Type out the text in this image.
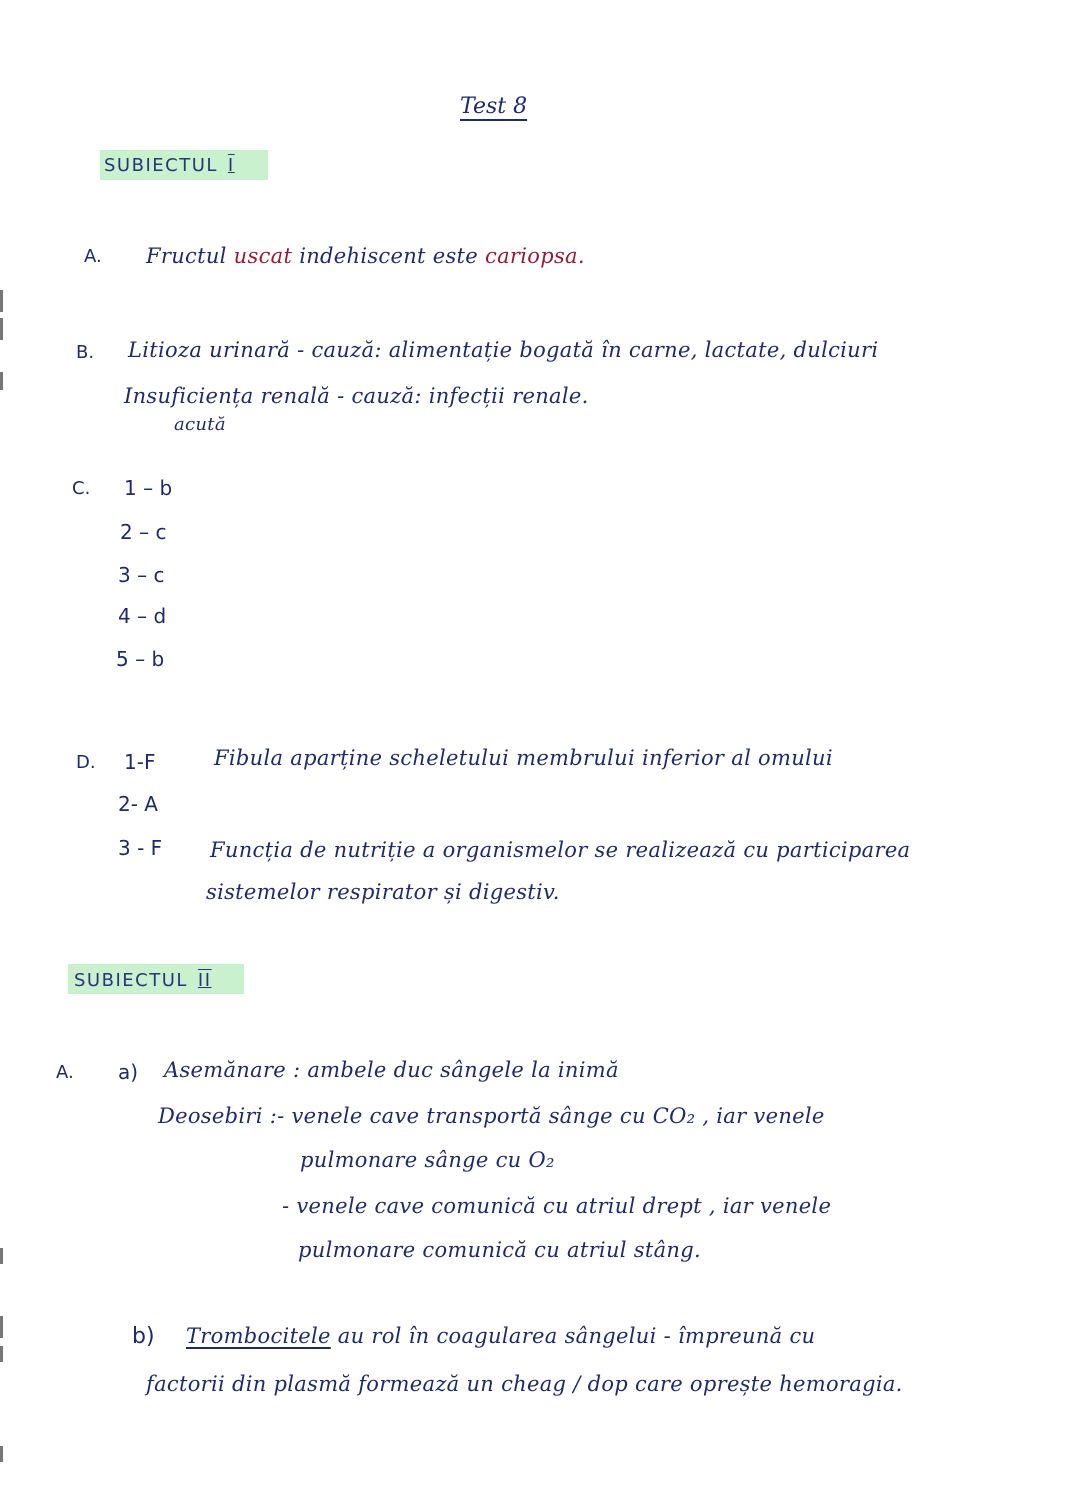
Test 8
SUBIECTUL I
A. Fructul uscat indehiscent este cariopsa.
B. Litioza urinară - cauză: alimentație bogată în carne, lactate, dulciuri
Insuficiența renală - cauză: infecții renale.
acută
C. 1 – b
2 – c
3 – c
4 – d
5 – b
D. 1-F	Fibula aparține scheletului membrului inferior al omului
2- A
3 - F Funcția de nutriție a organismelor se realizează cu participarea
sistemelor respirator și digestiv.
SUBIECTUL II
A. a) Asemănare : ambele duc sângele la inimă
Deosebiri :- venele cave transportă sânge cu CO₂ , iar venele
pulmonare sânge cu O₂
- venele cave comunică cu atriul drept , iar venele
pulmonare comunică cu atriul stâng.
b) Trombocitele au rol în coagularea sângelui - împreună cu
factorii din plasmă formează un cheag / dop care oprește hemoragia.
